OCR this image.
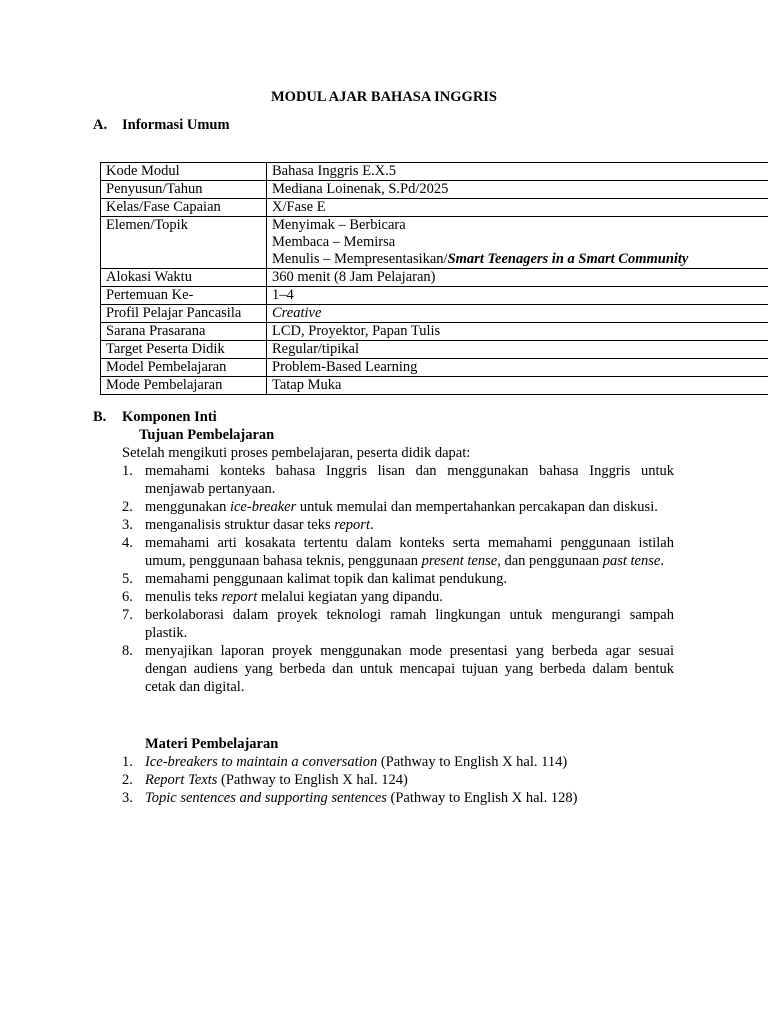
MODUL AJAR BAHASA INGGRIS
A. Informasi Umum
Kode Modul	Bahasa Inggris E.X.5
Penyusun/Tahun	Mediana Loinenak, S.Pd/2025
Kelas/Fase Capaian	X/Fase E
Elemen/Topik	Menyimak – Berbicara
Membaca – Memirsa
Menulis – Mempresentasikan/Smart Teenagers in a Smart Community

Alokasi Waktu	360 menit (8 Jam Pelajaran)
Pertemuan Ke-	1–4
Profil Pelajar Pancasila	Creative
Sarana Prasarana	LCD, Proyektor, Papan Tulis
Target Peserta Didik	Regular/tipikal
Model Pembelajaran	Problem-Based Learning
Mode Pembelajaran	Tatap Muka
B. Komponen Inti
Tujuan Pembelajaran
Setelah mengikuti proses pembelajaran, peserta didik dapat:
1. memahami konteks bahasa Inggris lisan dan menggunakan bahasa Inggris untuk menjawab pertanyaan.
2. menggunakan ice-breaker untuk memulai dan mempertahankan percakapan dan diskusi.
3. menganalisis struktur dasar teks report.
4. memahami arti kosakata tertentu dalam konteks serta memahami penggunaan istilah umum, penggunaan bahasa teknis, penggunaan present tense, dan penggunaan past tense.
5. memahami penggunaan kalimat topik dan kalimat pendukung.
6. menulis teks report melalui kegiatan yang dipandu.
7. berkolaborasi dalam proyek teknologi ramah lingkungan untuk mengurangi sampah plastik.
8. menyajikan laporan proyek menggunakan mode presentasi yang berbeda agar sesuai dengan audiens yang berbeda dan untuk mencapai tujuan yang berbeda dalam bentuk cetak dan digital.
Materi Pembelajaran
1. Ice-breakers to maintain a conversation (Pathway to English X hal. 114)
2. Report Texts (Pathway to English X hal. 124)
3. Topic sentences and supporting sentences (Pathway to English X hal. 128)
